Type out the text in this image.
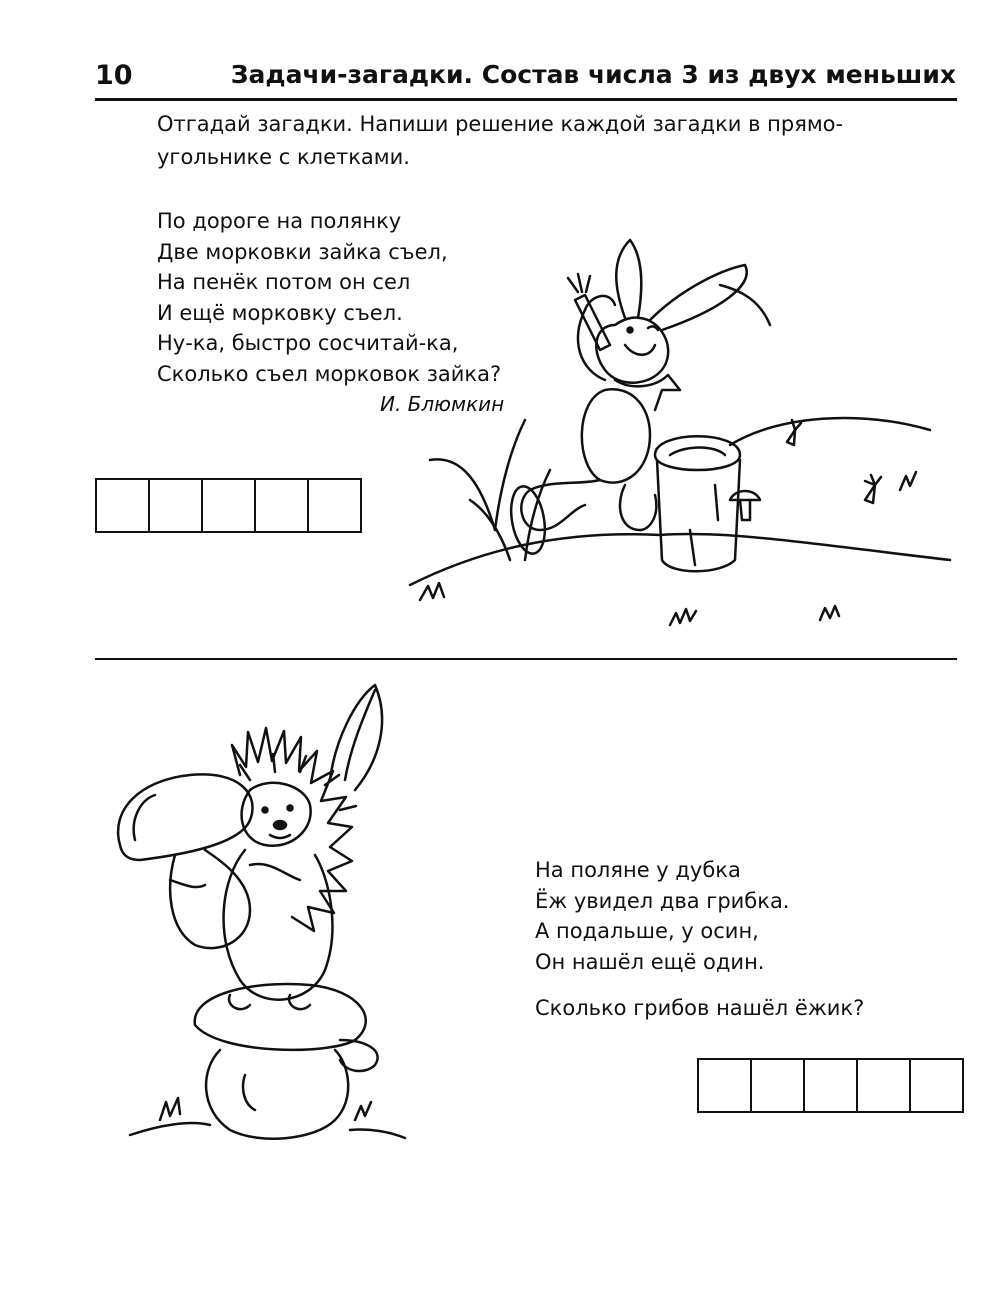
10	Задачи-загадки. Состав числа 3 из двух меньших
Отгадай загадки. Напиши решение каждой загадки в прямо-
угольнике с клетками.
По дороге на полянку
Две морковки зайка съел,
На пенёк потом он сел
И ещё морковку съел.
Ну-ка, быстро сосчитай-ка,
Сколько съел морковок зайка?
И. Блюмкин
На поляне у дубка
Ёж увидел два грибка.
А подальше, у осин,
Он нашёл ещё один.
Сколько грибов нашёл ёжик?
